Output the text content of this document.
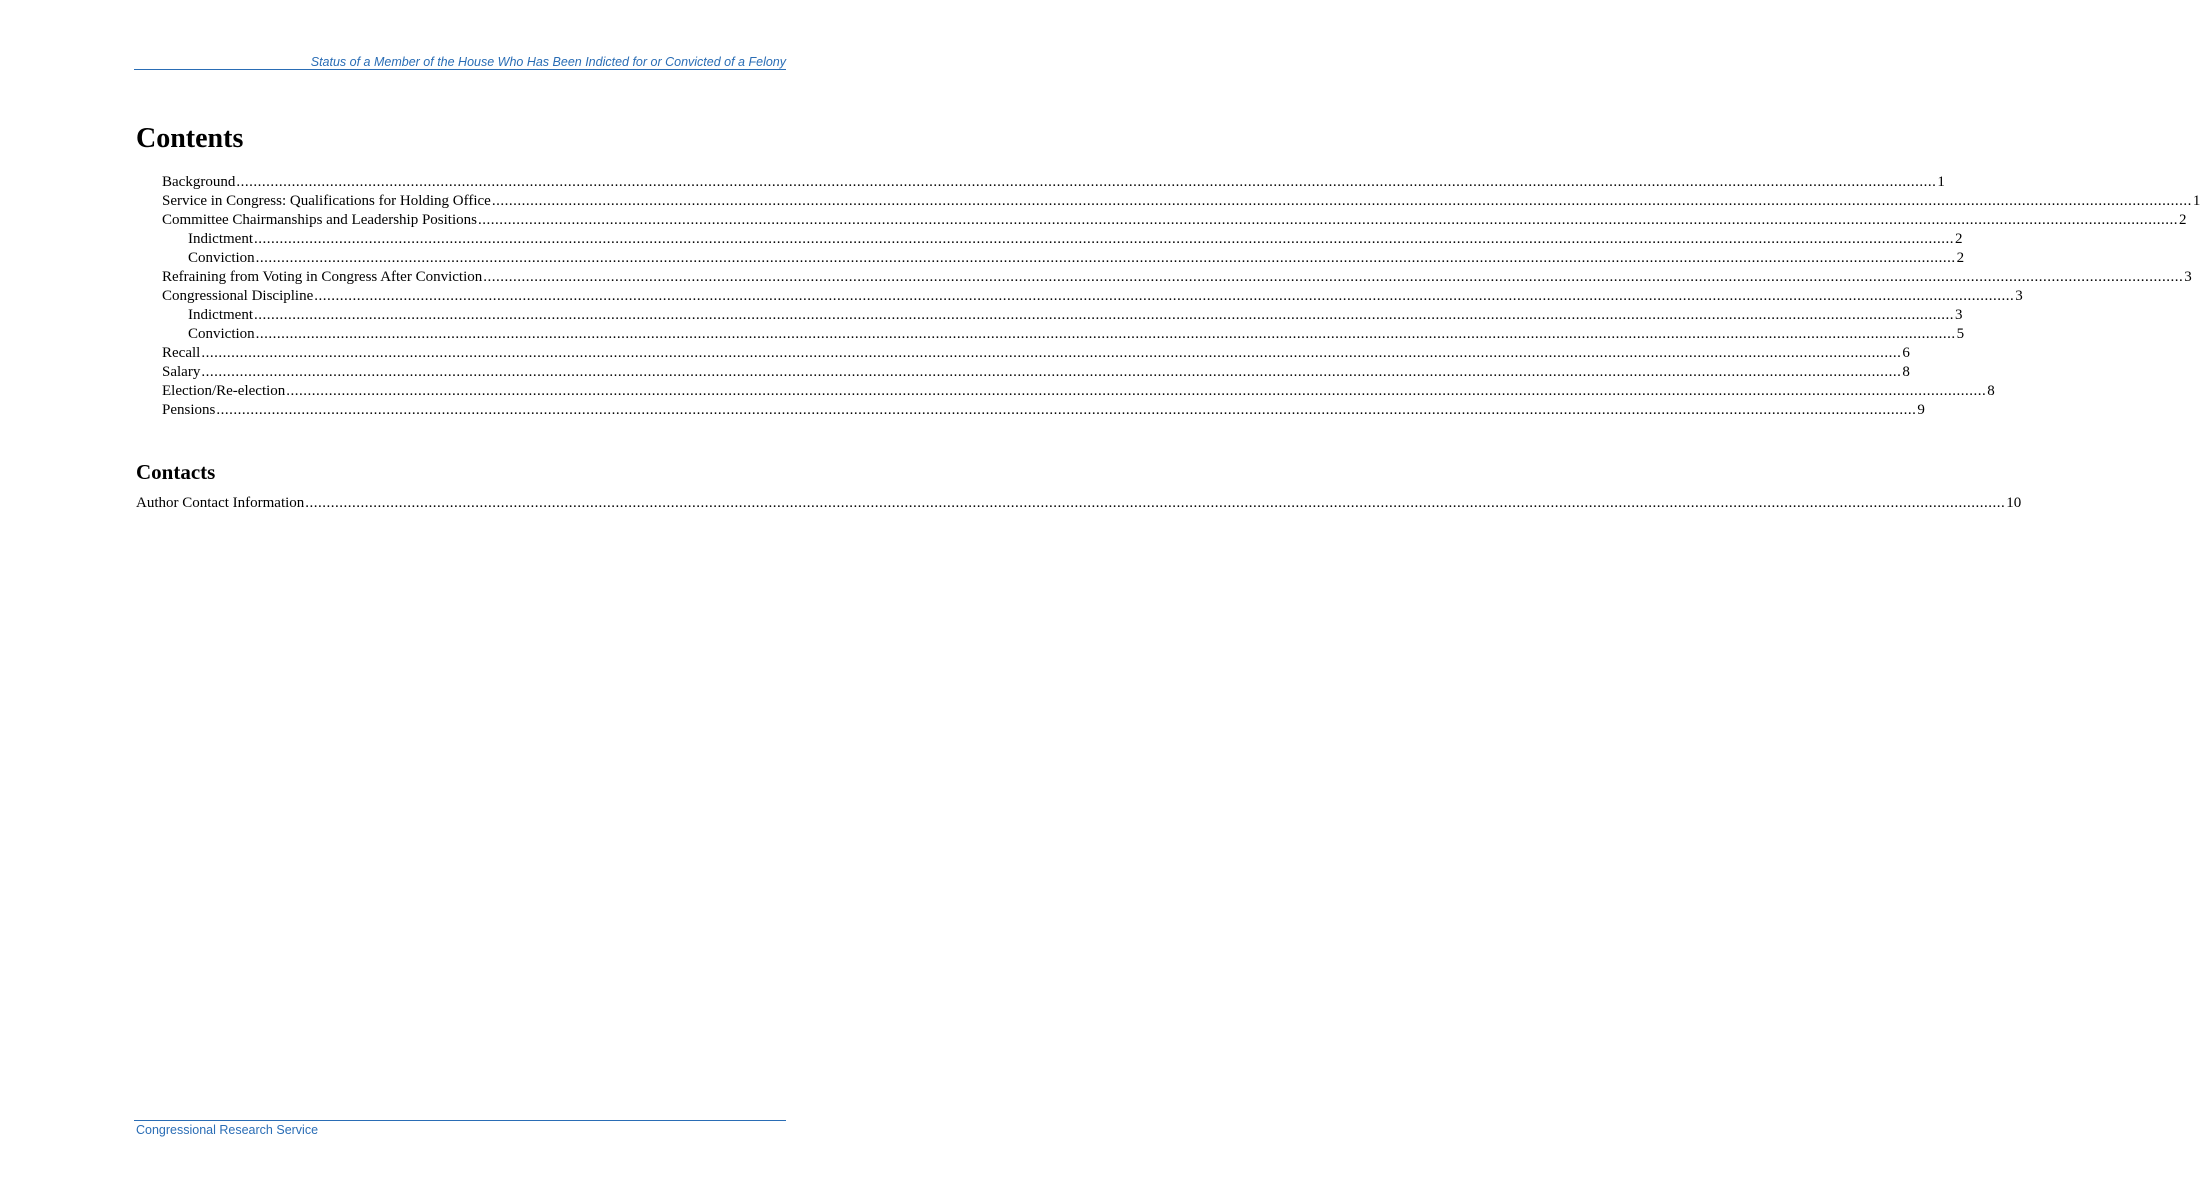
Status of a Member of the House Who Has Been Indicted for or Convicted of a Felony
Contents
Background ................................................................................................................................................................................................................................................................................................................................................................................................................ 1
Service in Congress: Qualifications for Holding Office ................................................................................................................................................................................................................................................................................................................................................................................................................ 1
Committee Chairmanships and Leadership Positions ................................................................................................................................................................................................................................................................................................................................................................................................................ 2
Indictment ................................................................................................................................................................................................................................................................................................................................................................................................................ 2
Conviction ................................................................................................................................................................................................................................................................................................................................................................................................................ 2
Refraining from Voting in Congress After Conviction ................................................................................................................................................................................................................................................................................................................................................................................................................ 3
Congressional Discipline ................................................................................................................................................................................................................................................................................................................................................................................................................ 3
Indictment ................................................................................................................................................................................................................................................................................................................................................................................................................ 3
Conviction ................................................................................................................................................................................................................................................................................................................................................................................................................ 5
Recall ................................................................................................................................................................................................................................................................................................................................................................................................................ 6
Salary ................................................................................................................................................................................................................................................................................................................................................................................................................ 8
Election/Re-election ................................................................................................................................................................................................................................................................................................................................................................................................................ 8
Pensions ................................................................................................................................................................................................................................................................................................................................................................................................................ 9
Contacts
Author Contact Information ................................................................................................................................................................................................................................................................................................................................................................................................................ 10
Congressional Research Service
